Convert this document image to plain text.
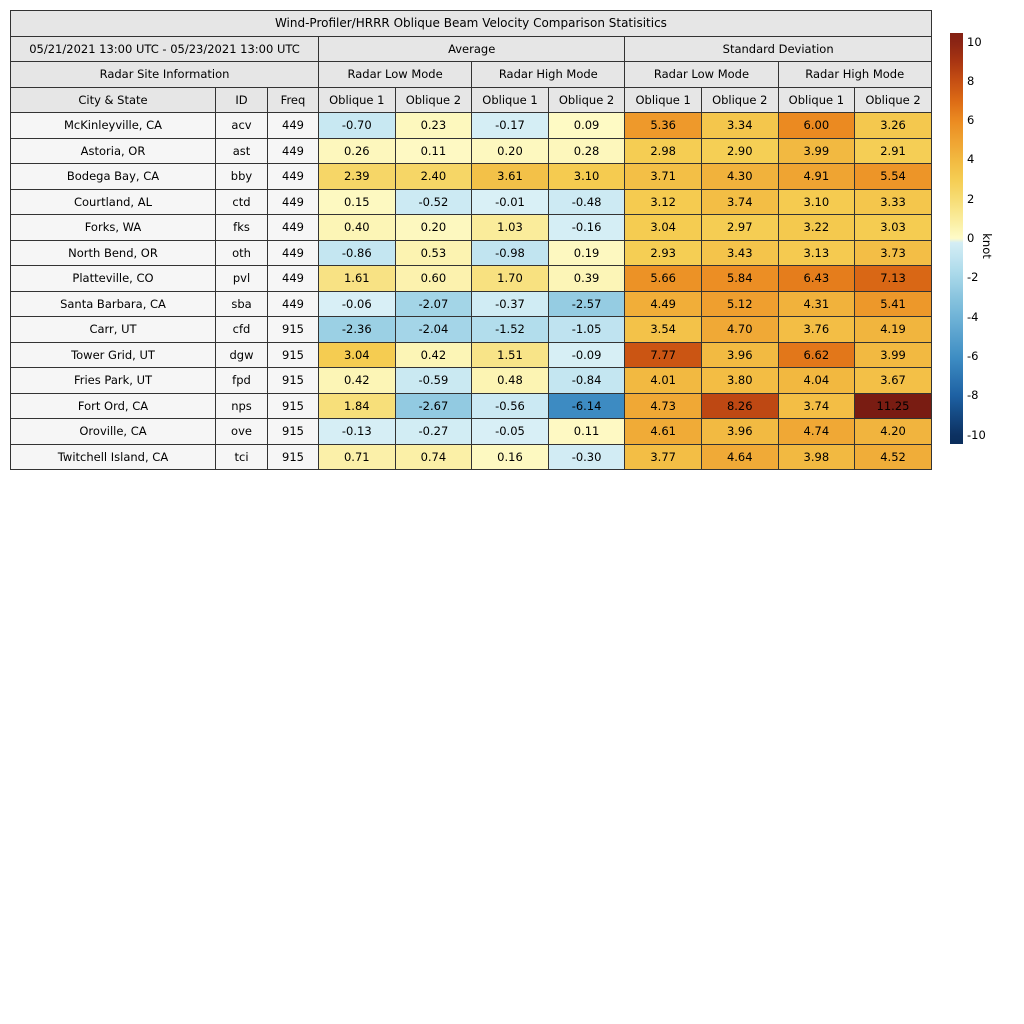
Wind-Profiler/HRRR Oblique Beam Velocity Comparison Statisitics										
05/21/2021 13:00 UTC - 05/23/2021 13:00 UTC			Average				Standard Deviation			
Radar Site Information			Radar Low Mode		Radar High Mode		Radar Low Mode		Radar High Mode	
City & State	ID	Freq	Oblique 1	Oblique 2	Oblique 1	Oblique 2	Oblique 1	Oblique 2	Oblique 1	Oblique 2
McKinleyville, CA	acv	449	-0.70	0.23	-0.17	0.09	5.36	3.34	6.00	3.26
Astoria, OR	ast	449	0.26	0.11	0.20	0.28	2.98	2.90	3.99	2.91
Bodega Bay, CA	bby	449	2.39	2.40	3.61	3.10	3.71	4.30	4.91	5.54
Courtland, AL	ctd	449	0.15	-0.52	-0.01	-0.48	3.12	3.74	3.10	3.33
Forks, WA	fks	449	0.40	0.20	1.03	-0.16	3.04	2.97	3.22	3.03
North Bend, OR	oth	449	-0.86	0.53	-0.98	0.19	2.93	3.43	3.13	3.73
Platteville, CO	pvl	449	1.61	0.60	1.70	0.39	5.66	5.84	6.43	7.13
Santa Barbara, CA	sba	449	-0.06	-2.07	-0.37	-2.57	4.49	5.12	4.31	5.41
Carr, UT	cfd	915	-2.36	-2.04	-1.52	-1.05	3.54	4.70	3.76	4.19
Tower Grid, UT	dgw	915	3.04	0.42	1.51	-0.09	7.77	3.96	6.62	3.99
Fries Park, UT	fpd	915	0.42	-0.59	0.48	-0.84	4.01	3.80	4.04	3.67
Fort Ord, CA	nps	915	1.84	-2.67	-0.56	-6.14	4.73	8.26	3.74	11.25
Oroville, CA	ove	915	-0.13	-0.27	-0.05	0.11	4.61	3.96	4.74	4.20
Twitchell Island, CA	tci	915	0.71	0.74	0.16	-0.30	3.77	4.64	3.98	4.52
10
8
6
4
2
0
-2
-4
-6
-8
-10
knot
